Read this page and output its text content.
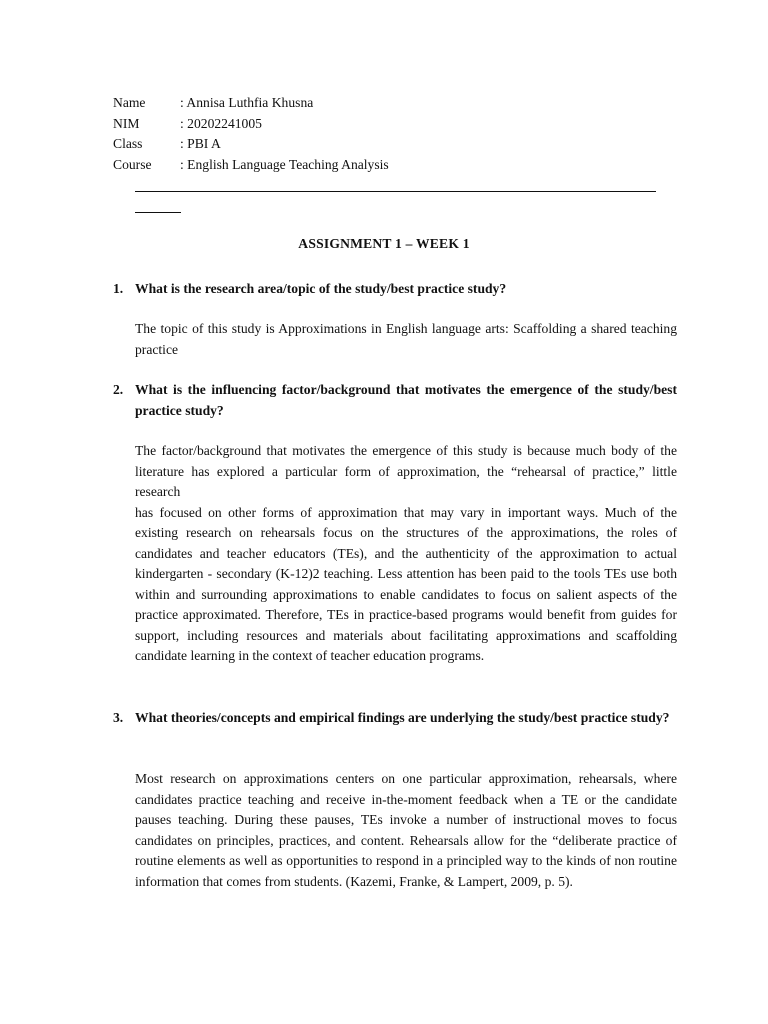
Name	: Annisa Luthfia Khusna
NIM	: 20202241005
Class	: PBI A
Course	: English Language Teaching Analysis
ASSIGNMENT 1 – WEEK 1
1. What is the research area/topic of the study/best practice study?

The topic of this study is Approximations in English language arts: Scaffolding a shared teaching practice

2. What is the influencing factor/background that motivates the emergence of the study/best practice study?

The factor/background that motivates the emergence of this study is because much body of the literature has explored a particular form of approximation, the “rehearsal of practice,” little research

has focused on other forms of approximation that may vary in important ways. Much of the existing research on rehearsals focus on the structures of the approximations, the roles of candidates and teacher educators (TEs), and the authenticity of the approximation to actual kindergarten - secondary (K-12)2 teaching. Less attention has been paid to the tools TEs use both within and surrounding approximations to enable candidates to focus on salient aspects of the practice approximated. Therefore, TEs in practice-based programs would benefit from guides for support, including resources and materials about facilitating approximations and scaffolding candidate learning in the context of teacher education programs.

3. What theories/concepts and empirical findings are underlying the study/best practice study?

Most research on approximations centers on one particular approximation, rehearsals, where candidates practice teaching and receive in-the-moment feedback when a TE or the candidate pauses teaching. During these pauses, TEs invoke a number of instructional moves to focus candidates on principles, practices, and content. Rehearsals allow for the “deliberate practice of routine elements as well as opportunities to respond in a principled way to the kinds of non routine information that comes from students. (Kazemi, Franke, & Lampert, 2009, p. 5).
